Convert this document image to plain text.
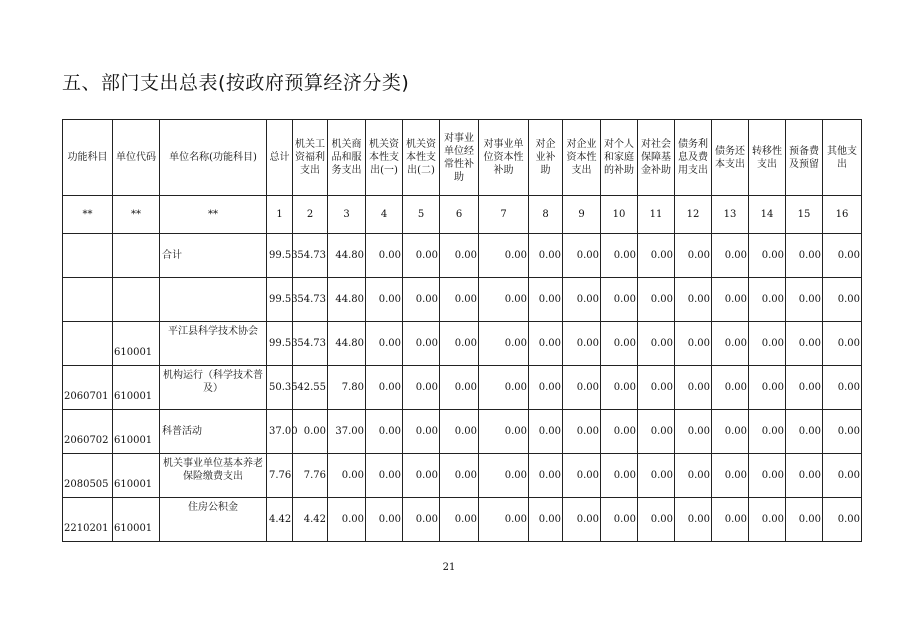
五、部门支出总表(按政府预算经济分类)
功能科目	单位代码	单位名称(功能科目)	总计	机关工资福利支出	机关商品和服务支出	机关资本性支出(一)	机关资本性支出(二)	对事业单位经常性补助	对事业单位资本性补助	对企业补助	对企业资本性支出	对个人和家庭的补助	对社会保障基金补助	债务利息及费用支出	债务还本支出	转移性支出	预备费及预留	其他支出
**	**	**	1	2	3	4	5	6	7	8	9	10	11	12	13	14	15	16
		合计	99.53	54.73	44.80	0.00	0.00	0.00	0.00	0.00	0.00	0.00	0.00	0.00	0.00	0.00	0.00	0.00
			99.53	54.73	44.80	0.00	0.00	0.00	0.00	0.00	0.00	0.00	0.00	0.00	0.00	0.00	0.00	0.00
	610001	平江县科学技术协会	99.53	54.73	44.80	0.00	0.00	0.00	0.00	0.00	0.00	0.00	0.00	0.00	0.00	0.00	0.00	0.00
2060701	610001	机构运行（科学技术普及）	50.35	42.55	7.80	0.00	0.00	0.00	0.00	0.00	0.00	0.00	0.00	0.00	0.00	0.00	0.00	0.00
2060702	610001	科普活动	37.00	0.00	37.00	0.00	0.00	0.00	0.00	0.00	0.00	0.00	0.00	0.00	0.00	0.00	0.00	0.00
2080505	610001	机关事业单位基本养老保险缴费支出	7.76	7.76	0.00	0.00	0.00	0.00	0.00	0.00	0.00	0.00	0.00	0.00	0.00	0.00	0.00	0.00
2210201	610001	住房公积金	4.42	4.42	0.00	0.00	0.00	0.00	0.00	0.00	0.00	0.00	0.00	0.00	0.00	0.00	0.00	0.00
21
